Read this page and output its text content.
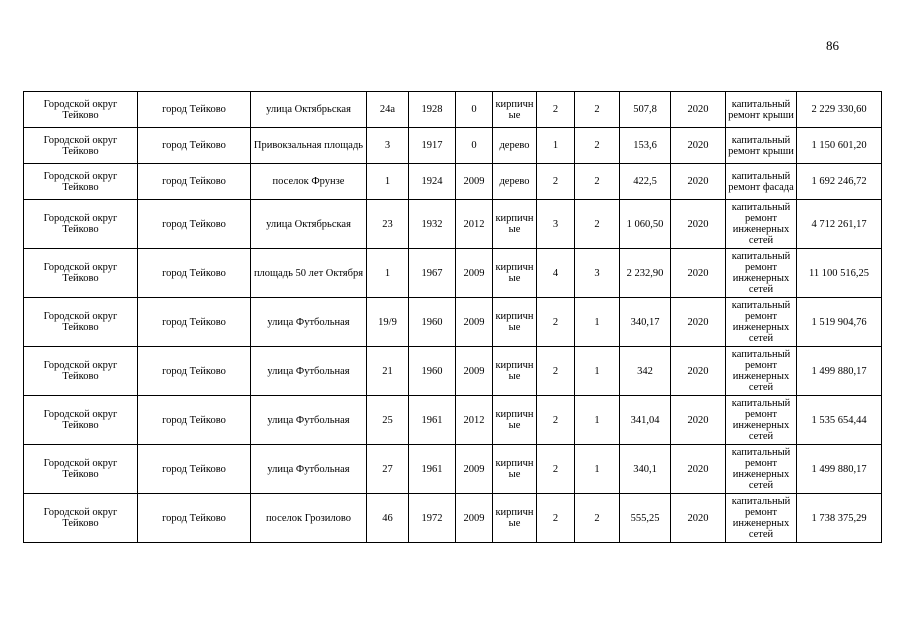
86
Городской округ Тейково	город Тейково	улица Октябрьская	24а	1928	0	кирпичные	2	2	507,8	2020	капитальный ремонт крыши	2 229 330,60
Городской округ Тейково	город Тейково	Привокзальная площадь	3	1917	0	дерево	1	2	153,6	2020	капитальный ремонт крыши	1 150 601,20
Городской округ Тейково	город Тейково	поселок Фрунзе	1	1924	2009	дерево	2	2	422,5	2020	капитальный ремонт фасада	1 692 246,72
Городской округ Тейково	город Тейково	улица Октябрьская	23	1932	2012	кирпичные	3	2	1 060,50	2020	капитальный ремонт инженерных сетей	4 712 261,17
Городской округ Тейково	город Тейково	площадь 50 лет Октября	1	1967	2009	кирпичные	4	3	2 232,90	2020	капитальный ремонт инженерных сетей	11 100 516,25
Городской округ Тейково	город Тейково	улица Футбольная	19/9	1960	2009	кирпичные	2	1	340,17	2020	капитальный ремонт инженерных сетей	1 519 904,76
Городской округ Тейково	город Тейково	улица Футбольная	21	1960	2009	кирпичные	2	1	342	2020	капитальный ремонт инженерных сетей	1 499 880,17
Городской округ Тейково	город Тейково	улица Футбольная	25	1961	2012	кирпичные	2	1	341,04	2020	капитальный ремонт инженерных сетей	1 535 654,44
Городской округ Тейково	город Тейково	улица Футбольная	27	1961	2009	кирпичные	2	1	340,1	2020	капитальный ремонт инженерных сетей	1 499 880,17
Городской округ Тейково	город Тейково	поселок Грозилово	46	1972	2009	кирпичные	2	2	555,25	2020	капитальный ремонт инженерных сетей	1 738 375,29
